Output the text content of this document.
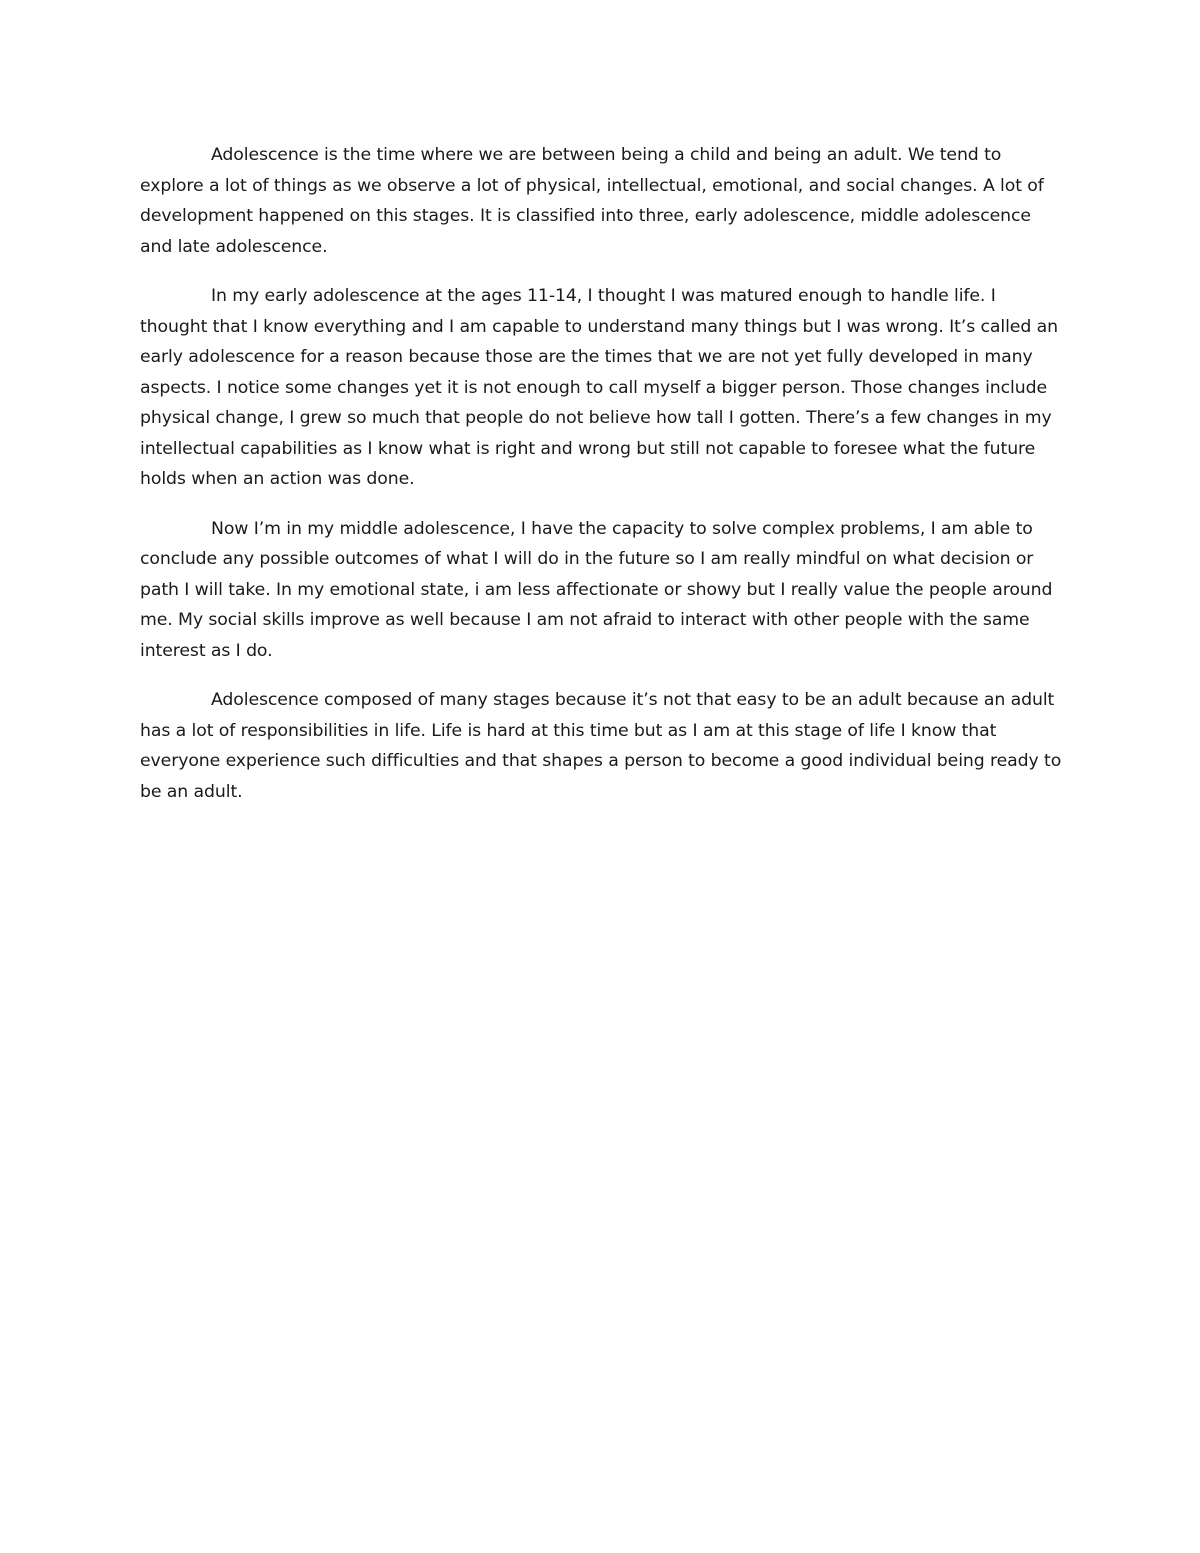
Adolescence is the time where we are between being a child and being an adult. We tend to explore a lot of things as we observe a lot of physical, intellectual, emotional, and social changes. A lot of development happened on this stages. It is classified into three, early adolescence, middle adolescence and late adolescence.

In my early adolescence at the ages 11-14, I thought I was matured enough to handle life. I thought that I know everything and I am capable to understand many things but I was wrong. It’s called an early adolescence for a reason because those are the times that we are not yet fully developed in many aspects. I notice some changes yet it is not enough to call myself a bigger person. Those changes include physical change, I grew so much that people do not believe how tall I gotten. There’s a few changes in my intellectual capabilities as I know what is right and wrong but still not capable to foresee what the future holds when an action was done.

Now I’m in my middle adolescence, I have the capacity to solve complex problems, I am able to conclude any possible outcomes of what I will do in the future so I am really mindful on what decision or path I will take. In my emotional state, i am less affectionate or showy but I really value the people around me. My social skills improve as well because I am not afraid to interact with other people with the same interest as I do.

Adolescence composed of many stages because it’s not that easy to be an adult because an adult has a lot of responsibilities in life. Life is hard at this time but as I am at this stage of life I know that everyone experience such difficulties and that shapes a person to become a good individual being ready to be an adult.
